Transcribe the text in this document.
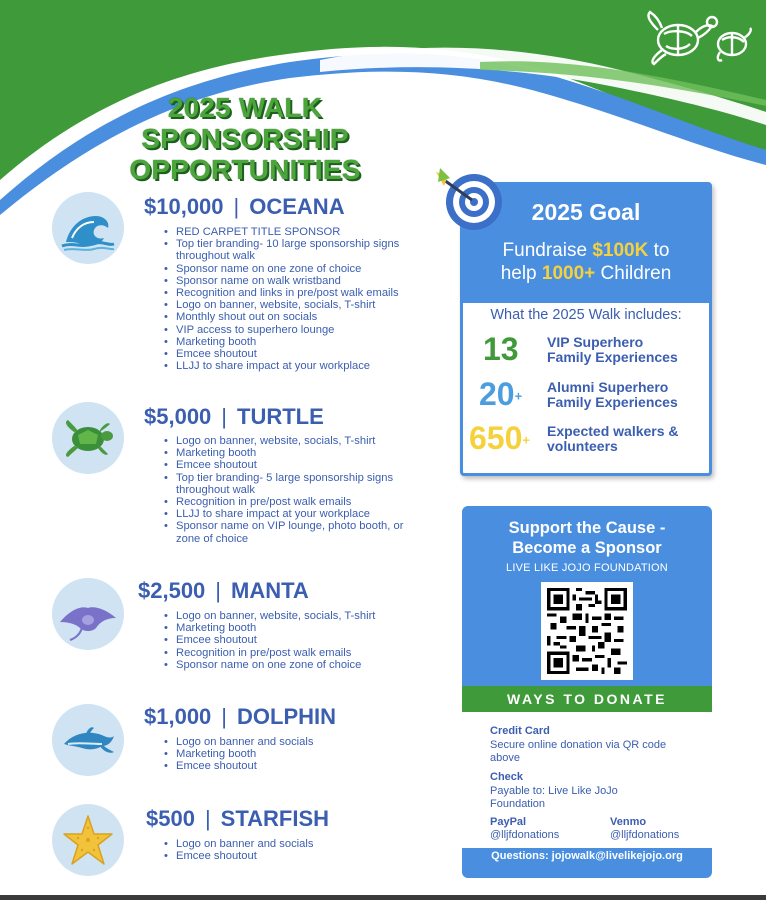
2025 WALK
SPONSORSHIP
OPPORTUNITIES
$10,000 | OCEANA
• RED CARPET TITLE SPONSOR
• Top tier branding- 10 large sponsorship signs throughout walk
• Sponsor name on one zone of choice
• Sponsor name on walk wristband
• Recognition and links in pre/post walk emails
• Logo on banner, website, socials, T-shirt
• Monthly shout out on socials
• VIP access to superhero lounge
• Marketing booth
• Emcee shoutout
• LLJJ to share impact at your workplace
$5,000 | TURTLE
• Logo on banner, website, socials, T-shirt
• Marketing booth
• Emcee shoutout
• Top tier branding- 5 large sponsorship signs throughout walk
• Recognition in pre/post walk emails
• LLJJ to share impact at your workplace
• Sponsor name on VIP lounge, photo booth, or zone of choice
$2,500 | MANTA
• Logo on banner, website, socials, T-shirt
• Marketing booth
• Emcee shoutout
• Recognition in pre/post walk emails
• Sponsor name on one zone of choice
$1,000 | DOLPHIN
• Logo on banner and socials
• Marketing booth
• Emcee shoutout
$500 | STARFISH
• Logo on banner and socials
• Emcee shoutout
2025 Goal
Fundraise $100K to
help 1000+ Children
What the 2025 Walk includes:
13 VIP Superhero
Family Experiences
20+
Alumni Superhero
Family Experiences
650+
Expected walkers &
volunteers
Support the Cause -
Become a Sponsor
LIVE LIKE JOJO FOUNDATION
WAYS TO DONATE
Credit Card
Secure online donation via QR code above
Check
Payable to: Live Like JoJo Foundation
PayPal
@lljfdonations
Venmo
@lljfdonations
Questions: jojowalk@livelikejojo.org
